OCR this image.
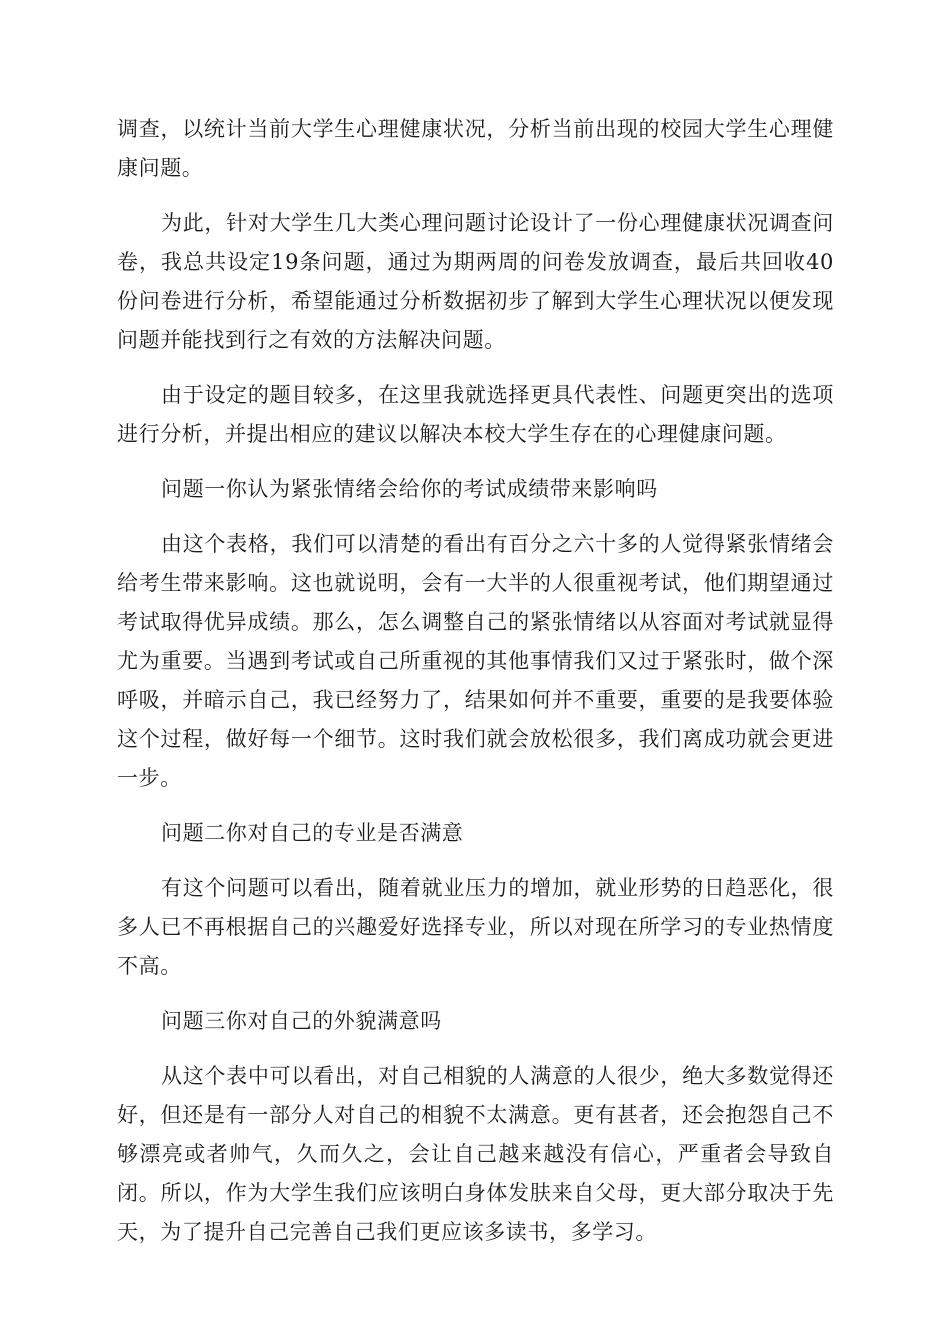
调查，以统计当前大学生心理健康状况，分析当前出现的校园大学生心理健康问题。

为此，针对大学生几大类心理问题讨论设计了一份心理健康状况调查问卷，我总共设定19条问题，通过为期两周的问卷发放调查，最后共回收40份问卷进行分析，希望能通过分析数据初步了解到大学生心理状况以便发现问题并能找到行之有效的方法解决问题。

由于设定的题目较多，在这里我就选择更具代表性、问题更突出的选项进行分析，并提出相应的建议以解决本校大学生存在的心理健康问题。

问题一你认为紧张情绪会给你的考试成绩带来影响吗

由这个表格，我们可以清楚的看出有百分之六十多的人觉得紧张情绪会给考生带来影响。这也就说明，会有一大半的人很重视考试，他们期望通过考试取得优异成绩。那么，怎么调整自己的紧张情绪以从容面对考试就显得尤为重要。当遇到考试或自己所重视的其他事情我们又过于紧张时，做个深呼吸，并暗示自己，我已经努力了，结果如何并不重要，重要的是我要体验这个过程，做好每一个细节。这时我们就会放松很多，我们离成功就会更进一步。

问题二你对自己的专业是否满意

有这个问题可以看出，随着就业压力的增加，就业形势的日趋恶化，很多人已不再根据自己的兴趣爱好选择专业，所以对现在所学习的专业热情度不高。

问题三你对自己的外貌满意吗

从这个表中可以看出，对自己相貌的人满意的人很少，绝大多数觉得还好，但还是有一部分人对自己的相貌不太满意。更有甚者，还会抱怨自己不够漂亮或者帅气，久而久之，会让自己越来越没有信心，严重者会导致自闭。所以，作为大学生我们应该明白身体发肤来自父母，更大部分取决于先天，为了提升自己完善自己我们更应该多读书，多学习。
